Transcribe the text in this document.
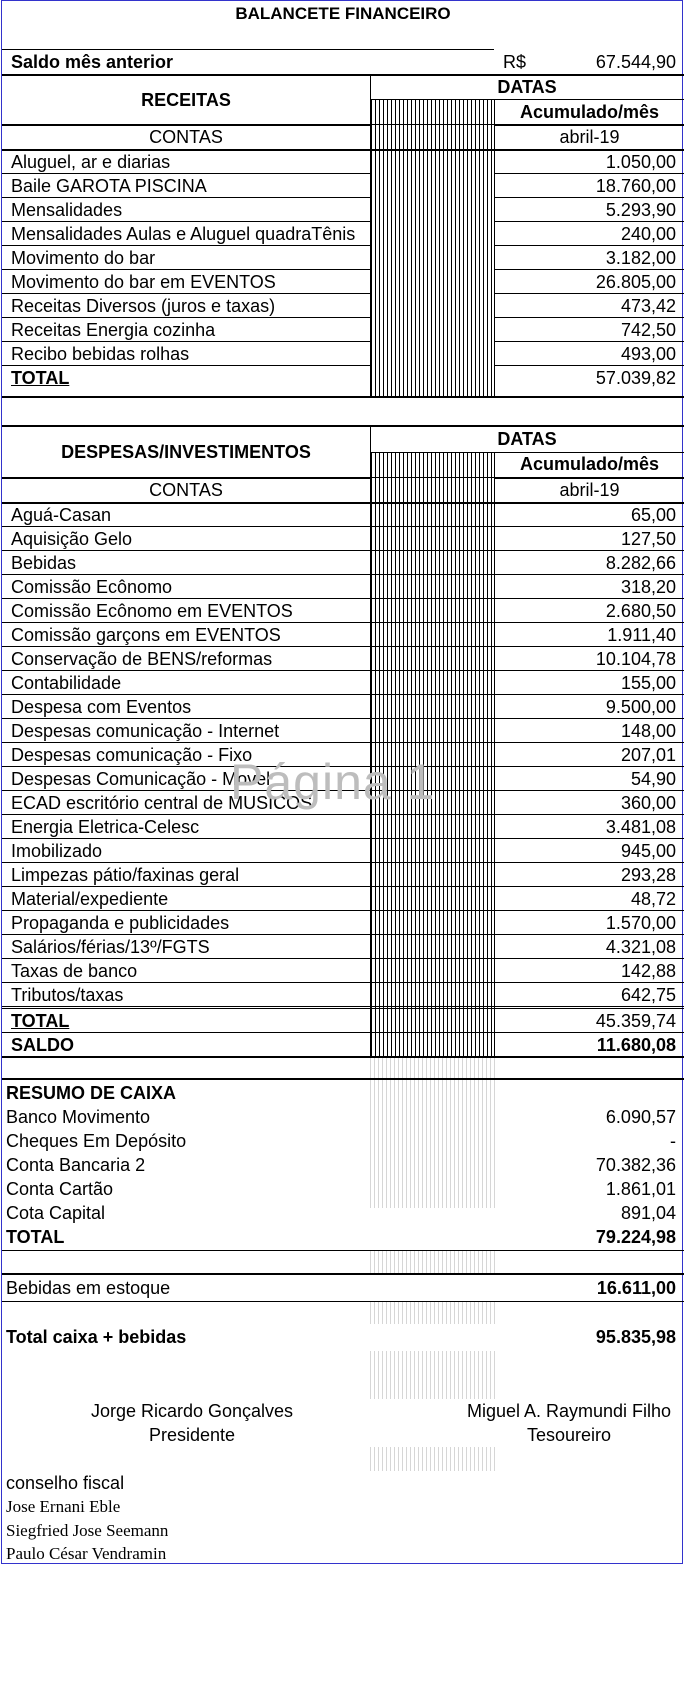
BALANCETE FINANCEIRO
Saldo mês anterior	R$	67.544,90
RECEITAS
DATAS
Acumulado/mês
CONTAS	abril-19
Aluguel, ar e diarias	1.050,00
Baile GAROTA PISCINA	18.760,00
Mensalidades	5.293,90
Mensalidades Aulas e Aluguel quadraTênis	240,00
Movimento do bar	3.182,00
Movimento do bar em EVENTOS	26.805,00
Receitas Diversos (juros e taxas)	473,42
Receitas Energia cozinha	742,50
Recibo bebidas rolhas	493,00
TOTAL	57.039,82
DESPESAS/INVESTIMENTOS
DATAS
Acumulado/mês
CONTAS	abril-19
Aguá-Casan	65,00
Aquisição Gelo	127,50
Bebidas	8.282,66
Comissão Ecônomo	318,20
Comissão Ecônomo em EVENTOS	2.680,50
Comissão garçons em EVENTOS	1.911,40
Conservação de BENS/reformas	10.104,78
Contabilidade	155,00
Despesa com Eventos	9.500,00
Despesas comunicação - Internet	148,00
Despesas comunicação - Fixo	207,01
Despesas Comunicação - Movel	54,90
ECAD escritório central de MUSICOS	360,00
Energia Eletrica-Celesc	3.481,08
Imobilizado	945,00
Limpezas pátio/faxinas geral	293,28
Material/expediente	48,72
Propaganda e publicidades	1.570,00
Salários/férias/13º/FGTS	4.321,08
Taxas de banco	142,88
Tributos/taxas	642,75
Página 1
TOTAL	45.359,74
SALDO	11.680,08
RESUMO DE CAIXA
Banco Movimento	6.090,57
Cheques Em Depósito	-
Conta Bancaria 2	70.382,36
Conta Cartão	1.861,01
Cota Capital	891,04
TOTAL	79.224,98
Bebidas em estoque	16.611,00
Total caixa + bebidas	95.835,98
Jorge Ricardo Gonçalves	Miguel A. Raymundi Filho
Presidente	Tesoureiro
conselho fiscal
Jose Ernani Eble
Siegfried Jose Seemann
Paulo César Vendramin
